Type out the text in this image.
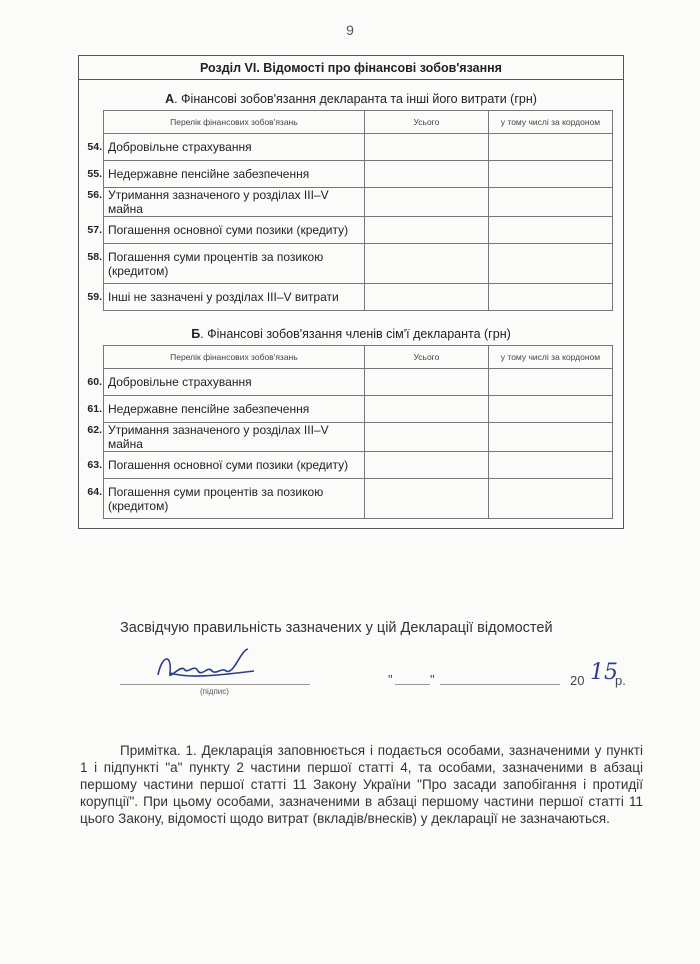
9
Розділ VI. Відомості про фінансові зобов'язання
А. Фінансові зобов'язання декларанта та інші його витрати (грн)
Перелік фінансових зобов'язань	Усього	у тому числі за кордоном

54. Добровільне страхування		

55. Недержавне пенсійне забезпечення		

56. Утримання зазначеного у розділах III–V майна		

57. Погашення основної суми позики (кредиту)		

58. Погашення суми процентів за позикою (кредитом)		

59. Інші не зазначені у розділах III–V витрати		
Б. Фінансові зобов'язання членів сім'ї декларанта (грн)
Перелік фінансових зобов'язань	Усього	у тому числі за кордоном

60. Добровільне страхування		

61. Недержавне пенсійне забезпечення		

62. Утримання зазначеного у розділах III–V майна		

63. Погашення основної суми позики (кредиту)		

64. Погашення суми процентів за позикою (кредитом)		
Засвідчую правильність зазначених у цій Декларації відомостей
(підпис)
"	"	20 15
р.
Примітка. 1. Декларація заповнюється і подається особами, зазначеними у пункті 1 і підпункті "а" пункту 2 частини першої статті 4, та особами, зазначеними в абзаці першому частини першої статті 11 Закону України "Про засади запобігання і протидії корупції". При цьому особами, зазначеними в абзаці першому частини першої статті 11 цього Закону, відомості щодо витрат (вкладів/внесків) у декларації не зазначаються.
